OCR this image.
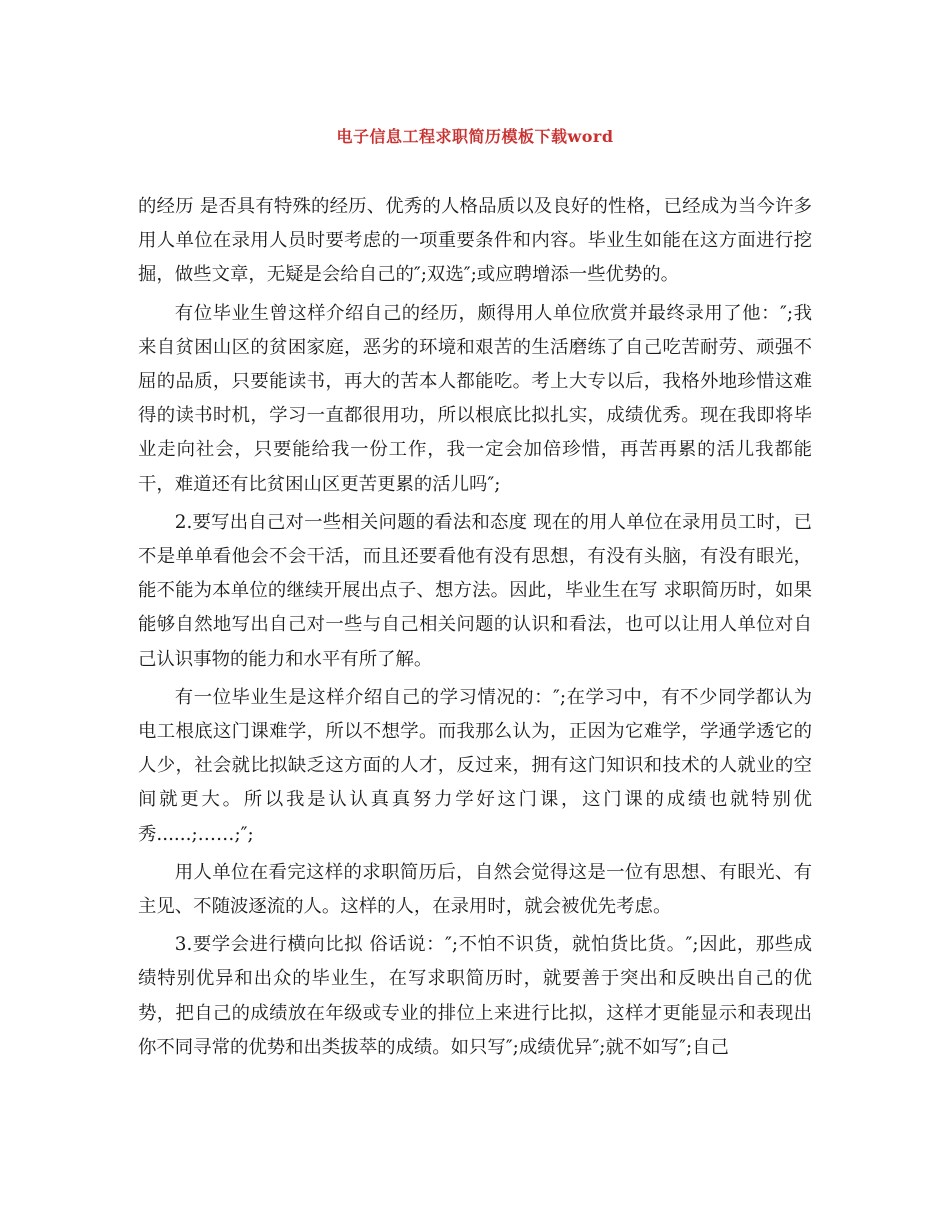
电子信息工程求职简历模板下载word

的经历 是否具有特殊的经历、优秀的人格品质以及良好的性格，已经成为当今许多用人单位在录用人员时要考虑的一项重要条件和内容。毕业生如能在这方面进行挖掘，做些文章，无疑是会给自己的″;双选″;或应聘增添一些优势的。

有位毕业生曾这样介绍自己的经历，颇得用人单位欣赏并最终录用了他：″;我来自贫困山区的贫困家庭，恶劣的环境和艰苦的生活磨练了自己吃苦耐劳、顽强不屈的品质，只要能读书，再大的苦本人都能吃。考上大专以后，我格外地珍惜这难得的读书时机，学习一直都很用功，所以根底比拟扎实，成绩优秀。现在我即将毕业走向社会，只要能给我一份工作，我一定会加倍珍惜，再苦再累的活儿我都能干，难道还有比贫困山区更苦更累的活儿吗″;

2.要写出自己对一些相关问题的看法和态度 现在的用人单位在录用员工时，已不是单单看他会不会干活，而且还要看他有没有思想，有没有头脑，有没有眼光，能不能为本单位的继续开展出点子、想方法。因此，毕业生在写 求职简历时，如果能够自然地写出自己对一些与自己相关问题的认识和看法，也可以让用人单位对自己认识事物的能力和水平有所了解。

有一位毕业生是这样介绍自己的学习情况的：″;在学习中，有不少同学都认为电工根底这门课难学，所以不想学。而我那么认为，正因为它难学，学通学透它的人少，社会就比拟缺乏这方面的人才，反过来，拥有这门知识和技术的人就业的空间就更大。所以我是认认真真努力学好这门课，这门课的成绩也就特别优秀......;……;″;

用人单位在看完这样的求职简历后，自然会觉得这是一位有思想、有眼光、有主见、不随波逐流的人。这样的人，在录用时，就会被优先考虑。

3.要学会进行横向比拟 俗话说：″;不怕不识货，就怕货比货。″;因此，那些成绩特别优异和出众的毕业生，在写求职简历时，就要善于突出和反映出自己的优势，把自己的成绩放在年级或专业的排位上来进行比拟，这样才更能显示和表现出你不同寻常的优势和出类拔萃的成绩。如只写″;成绩优异″;就不如写″;自己
